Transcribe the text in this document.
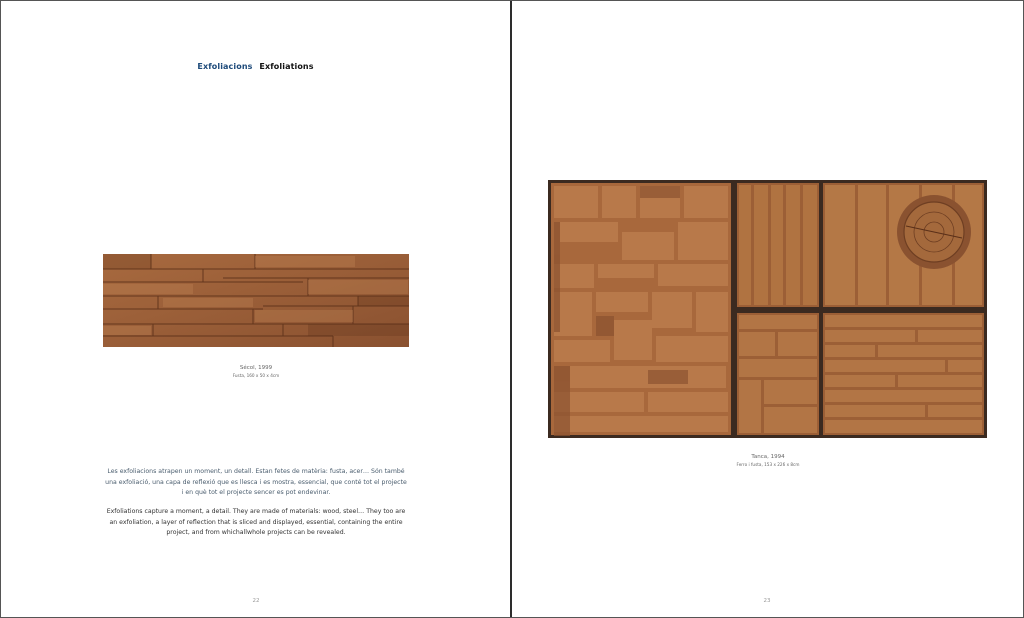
Exfoliacions Exfoliations
Sécol, 1999
Fusta, 160 x 50 x 4cm
Les exfoliacions atrapen un moment, un detall. Estan fetes de matèria: fusta, acer… Són també una exfoliació, una capa de reflexió que es llesca i es mostra, essencial, que conté tot el projecte i en què tot el projecte sencer es pot endevinar.
Exfoliations capture a moment, a detail. They are made of materials: wood, steel… They too are an exfoliation, a layer of reflection that is sliced and displayed, essential, containing the entire project, and from whichallwhole projects can be revealed.
22	23
Tanca, 1994
Ferro i fusta, 153 x 226 x 8cm
